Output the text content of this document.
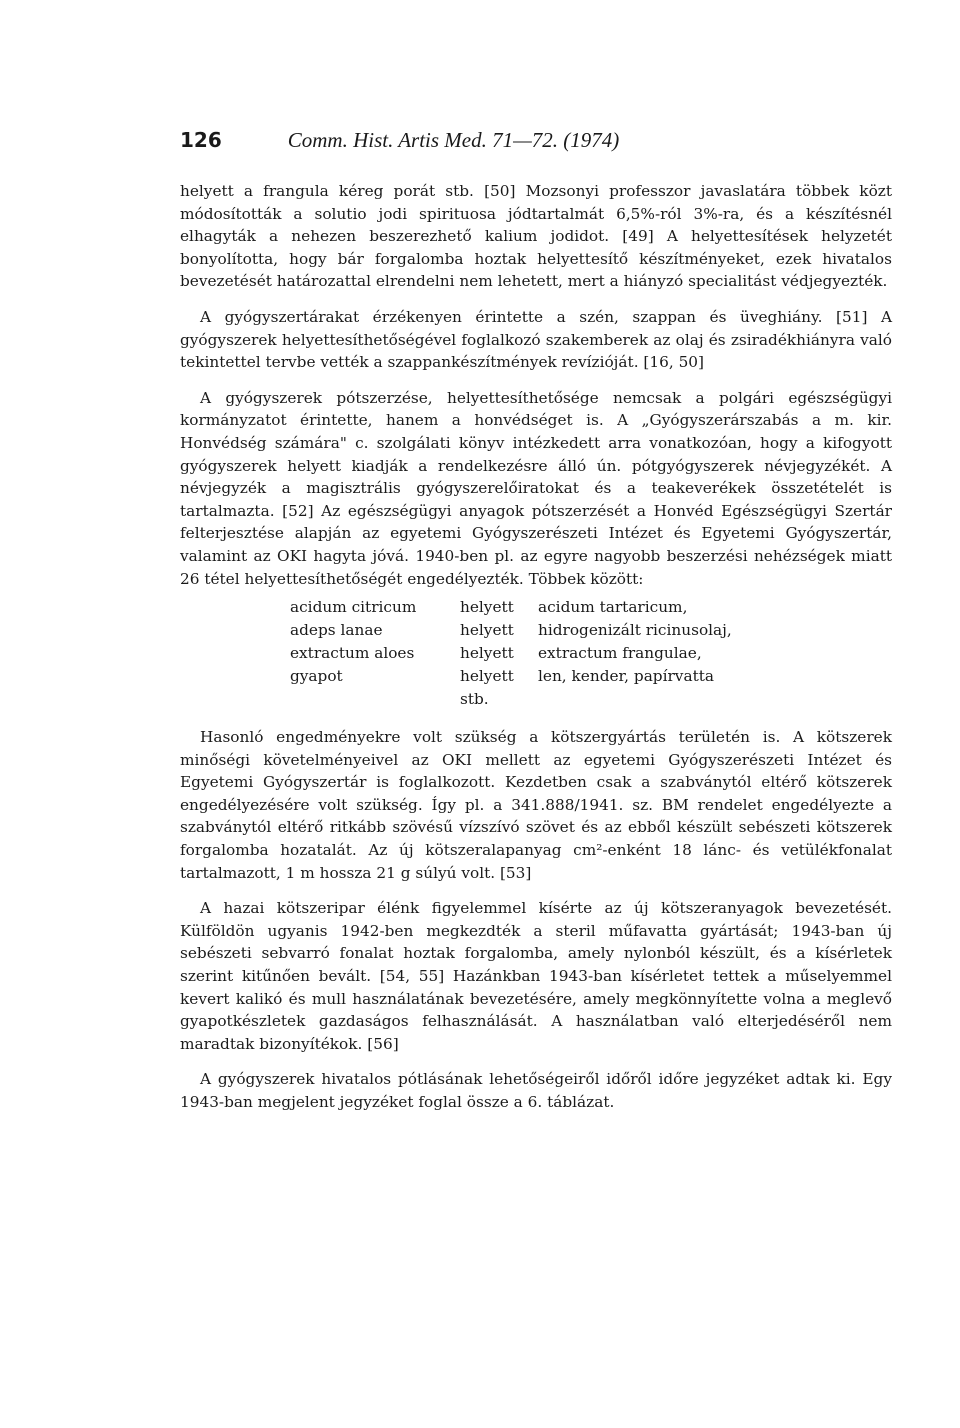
126	Comm. Hist. Artis Med. 71—72. (1974)

helyett a frangula kéreg porát stb. [50] Mozsonyi professzor javaslatára többek közt módosították a solutio jodi spirituosa jódtartalmát 6,5%-ról 3%-ra, és a készítésnél elhagyták a nehezen beszerezhető kalium jodidot. [49] A helyettesítések helyzetét bonyolította, hogy bár forgalomba hoztak helyettesítő készítményeket, ezek hivatalos bevezetését határozattal elrendelni nem lehetett, mert a hiányzó specialitást védjegyezték.

A gyógyszertárakat érzékenyen érintette a szén, szappan és üveghiány. [51] A gyógyszerek helyettesíthetőségével foglalkozó szakemberek az olaj és zsiradékhiányra való tekintettel tervbe vették a szappankészítmények revízióját. [16, 50]

A gyógyszerek pótszerzése, helyettesíthetősége nemcsak a polgári egészségügyi kormányzatot érintette, hanem a honvédséget is. A „Gyógyszerárszabás a m. kir. Honvédség számára" c. szolgálati könyv intézkedett arra vonatkozóan, hogy a kifogyott gyógyszerek helyett kiadják a rendelkezésre álló ún. pótgyógyszerek névjegyzékét. A névjegyzék a magisztrális gyógyszerelőiratokat és a teakeverékek összetételét is tartalmazta. [52] Az egészségügyi anyagok pótszerzését a Honvéd Egészségügyi Szertár felterjesztése alapján az egyetemi Gyógyszerészeti Intézet és Egyetemi Gyógyszertár, valamint az OKI hagyta jóvá. 1940-ben pl. az egyre nagyobb beszerzési nehézségek miatt 26 tétel helyettesíthetőségét engedélyezték. Többek között:

acidum citricum	helyett	acidum tartaricum,
adeps lanae	helyett	hidrogenizált ricinusolaj,
extractum aloes	helyett	extractum frangulae,
gyapot	helyett	len, kender, papírvatta
	stb.	

Hasonló engedményekre volt szükség a kötszergyártás területén is. A kötszerek minőségi követelményeivel az OKI mellett az egyetemi Gyógyszerészeti Intézet és Egyetemi Gyógyszertár is foglalkozott. Kezdetben csak a szabványtól eltérő kötszerek engedélyezésére volt szükség. Így pl. a 341.888/1941. sz. BM rendelet engedélyezte a szabványtól eltérő ritkább szövésű vízszívó szövet és az ebből készült sebészeti kötszerek forgalomba hozatalát. Az új kötszeralapanyag cm²-enként 18 lánc- és vetülékfonalat tartalmazott, 1 m hossza 21 g súlyú volt. [53]

A hazai kötszeripar élénk figyelemmel kísérte az új kötszeranyagok bevezetését. Külföldön ugyanis 1942-ben megkezdték a steril műfavatta gyártását; 1943-ban új sebészeti sebvarró fonalat hoztak forgalomba, amely nylonból készült, és a kísérletek szerint kitűnően bevált. [54, 55] Hazánkban 1943-ban kísérletet tettek a műselyemmel kevert kalikó és mull használatának bevezetésére, amely megkönnyítette volna a meglevő gyapotkészletek gazdaságos felhasználását. A használatban való elterjedéséről nem maradtak bizonyítékok. [56]

A gyógyszerek hivatalos pótlásának lehetőségeiről időről időre jegyzéket adtak ki. Egy 1943-ban megjelent jegyzéket foglal össze a 6. táblázat.
